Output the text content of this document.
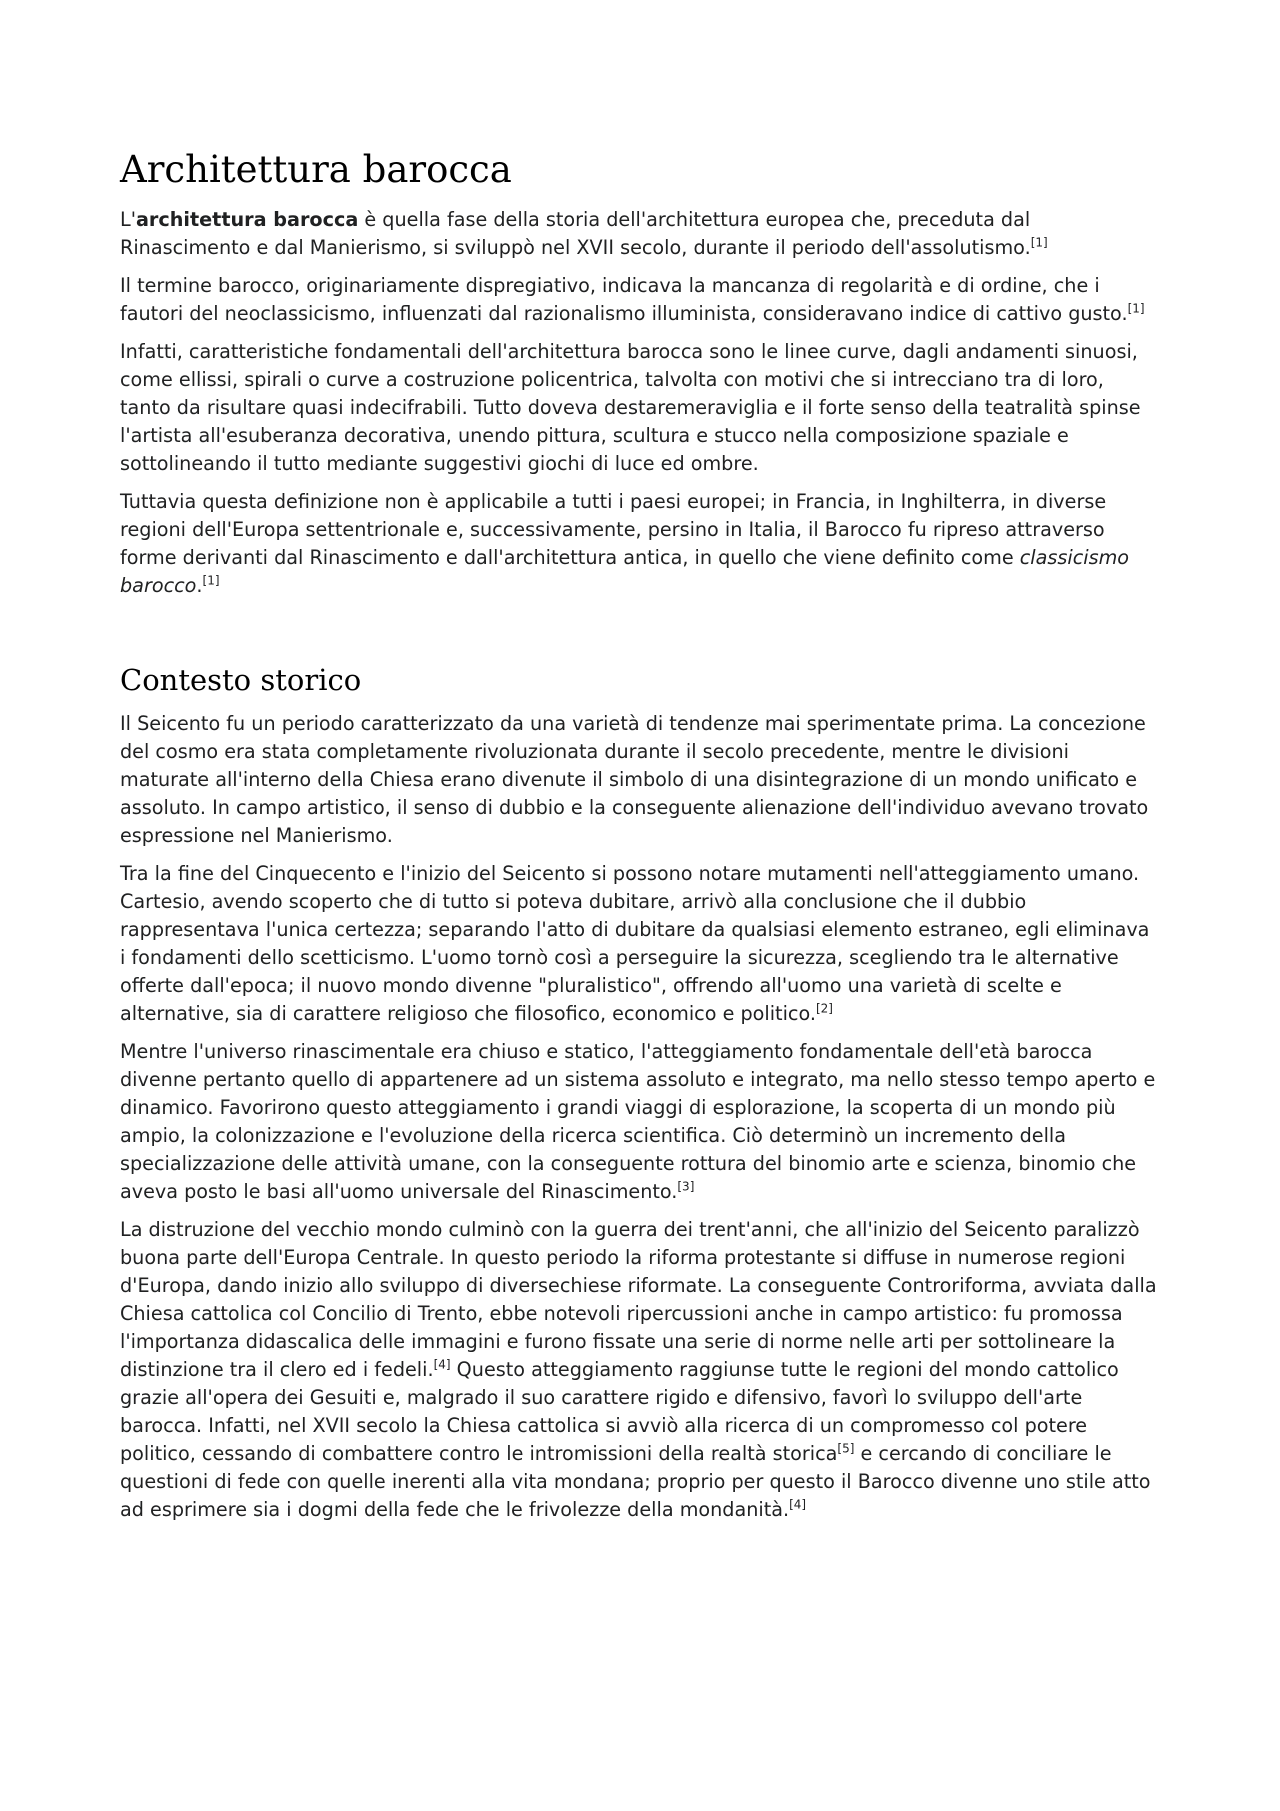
Architettura barocca

L'architettura barocca è quella fase della storia dell'architettura europea che, preceduta dal Rinascimento e dal Manierismo, si sviluppò nel XVII secolo, durante il periodo dell'assolutismo.[1]

Il termine barocco, originariamente dispregiativo, indicava la mancanza di regolarità e di ordine, che i fautori del neoclassicismo, influenzati dal razionalismo illuminista, consideravano indice di cattivo gusto.[1]

Infatti, caratteristiche fondamentali dell'architettura barocca sono le linee curve, dagli andamenti sinuosi, come ellissi, spirali o curve a costruzione policentrica, talvolta con motivi che si intrecciano tra di loro, tanto da risultare quasi indecifrabili. Tutto doveva destaremeraviglia e il forte senso della teatralità spinse l'artista all'esuberanza decorativa, unendo pittura, scultura e stucco nella composizione spaziale e sottolineando il tutto mediante suggestivi giochi di luce ed ombre.

Tuttavia questa definizione non è applicabile a tutti i paesi europei; in Francia, in Inghilterra, in diverse regioni dell'Europa settentrionale e, successivamente, persino in Italia, il Barocco fu ripreso attraverso forme derivanti dal Rinascimento e dall'architettura antica, in quello che viene definito come classicismo barocco.[1]

Contesto storico

Il Seicento fu un periodo caratterizzato da una varietà di tendenze mai sperimentate prima. La concezione del cosmo era stata completamente rivoluzionata durante il secolo precedente, mentre le divisioni maturate all'interno della Chiesa erano divenute il simbolo di una disintegrazione di un mondo unificato e assoluto. In campo artistico, il senso di dubbio e la conseguente alienazione dell'individuo avevano trovato espressione nel Manierismo.

Tra la fine del Cinquecento e l'inizio del Seicento si possono notare mutamenti nell'atteggiamento umano. Cartesio, avendo scoperto che di tutto si poteva dubitare, arrivò alla conclusione che il dubbio rappresentava l'unica certezza; separando l'atto di dubitare da qualsiasi elemento estraneo, egli eliminava i fondamenti dello scetticismo. L'uomo tornò così a perseguire la sicurezza, scegliendo tra le alternative offerte dall'epoca; il nuovo mondo divenne "pluralistico", offrendo all'uomo una varietà di scelte e alternative, sia di carattere religioso che filosofico, economico e politico.[2]

Mentre l'universo rinascimentale era chiuso e statico, l'atteggiamento fondamentale dell'età barocca divenne pertanto quello di appartenere ad un sistema assoluto e integrato, ma nello stesso tempo aperto e dinamico. Favorirono questo atteggiamento i grandi viaggi di esplorazione, la scoperta di un mondo più ampio, la colonizzazione e l'evoluzione della ricerca scientifica. Ciò determinò un incremento della specializzazione delle attività umane, con la conseguente rottura del binomio arte e scienza, binomio che aveva posto le basi all'uomo universale del Rinascimento.[3]

La distruzione del vecchio mondo culminò con la guerra dei trent'anni, che all'inizio del Seicento paralizzò buona parte dell'Europa Centrale. In questo periodo la riforma protestante si diffuse in numerose regioni d'Europa, dando inizio allo sviluppo di diversechiese riformate. La conseguente Controriforma, avviata dalla Chiesa cattolica col Concilio di Trento, ebbe notevoli ripercussioni anche in campo artistico: fu promossa l'importanza didascalica delle immagini e furono fissate una serie di norme nelle arti per sottolineare la distinzione tra il clero ed i fedeli.[4] Questo atteggiamento raggiunse tutte le regioni del mondo cattolico grazie all'opera dei Gesuiti e, malgrado il suo carattere rigido e difensivo, favorì lo sviluppo dell'arte barocca. Infatti, nel XVII secolo la Chiesa cattolica si avviò alla ricerca di un compromesso col potere politico, cessando di combattere contro le intromissioni della realtà storica[5] e cercando di conciliare le questioni di fede con quelle inerenti alla vita mondana; proprio per questo il Barocco divenne uno stile atto ad esprimere sia i dogmi della fede che le frivolezze della mondanità.[4]
